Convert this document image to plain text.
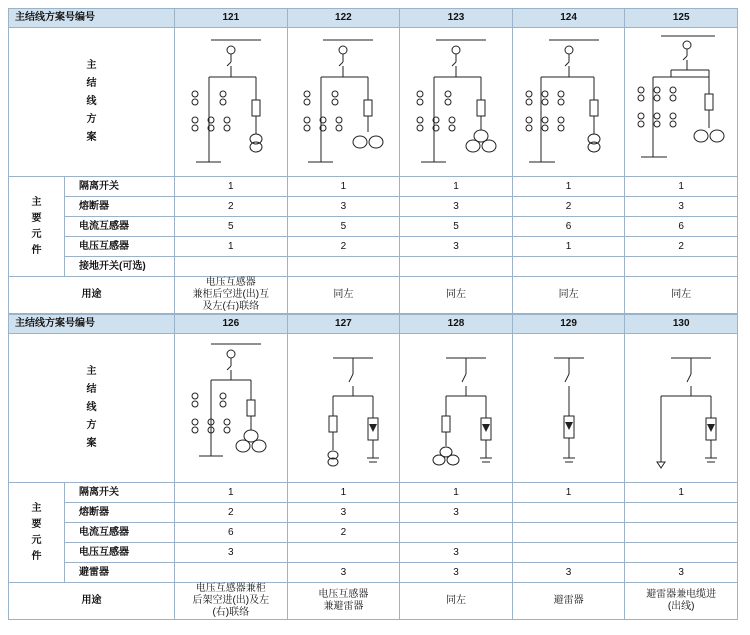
主结线方案号编号		121	122	123	124	125

主
结
线
方
案

主
要
元
件	隔离开关	1	1	1	1	1
	熔断器	2	3	3	2	3
	电流互感器	5	5	5	6	6
	电压互感器	1	2	3	1	2
	接地开关(可选)					
用途		电压互感器
兼柜后空进(出)互
及左(右)联络	同左	同左	同左	同左
主结线方案号编号		126	127	128	129	130

主
结
线
方
案

主
要
元
件	隔离开关	1	1	1	1	1
	熔断器	2	3	3		
	电流互感器	6	2			
	电压互感器	3		3		
	避雷器		3	3	3	3
用途		电压互感器兼柜
后架空进(出)及左
(右)联络	电压互感器
兼避雷器	同左	避雷器	避雷器兼电缆进
(出线)
